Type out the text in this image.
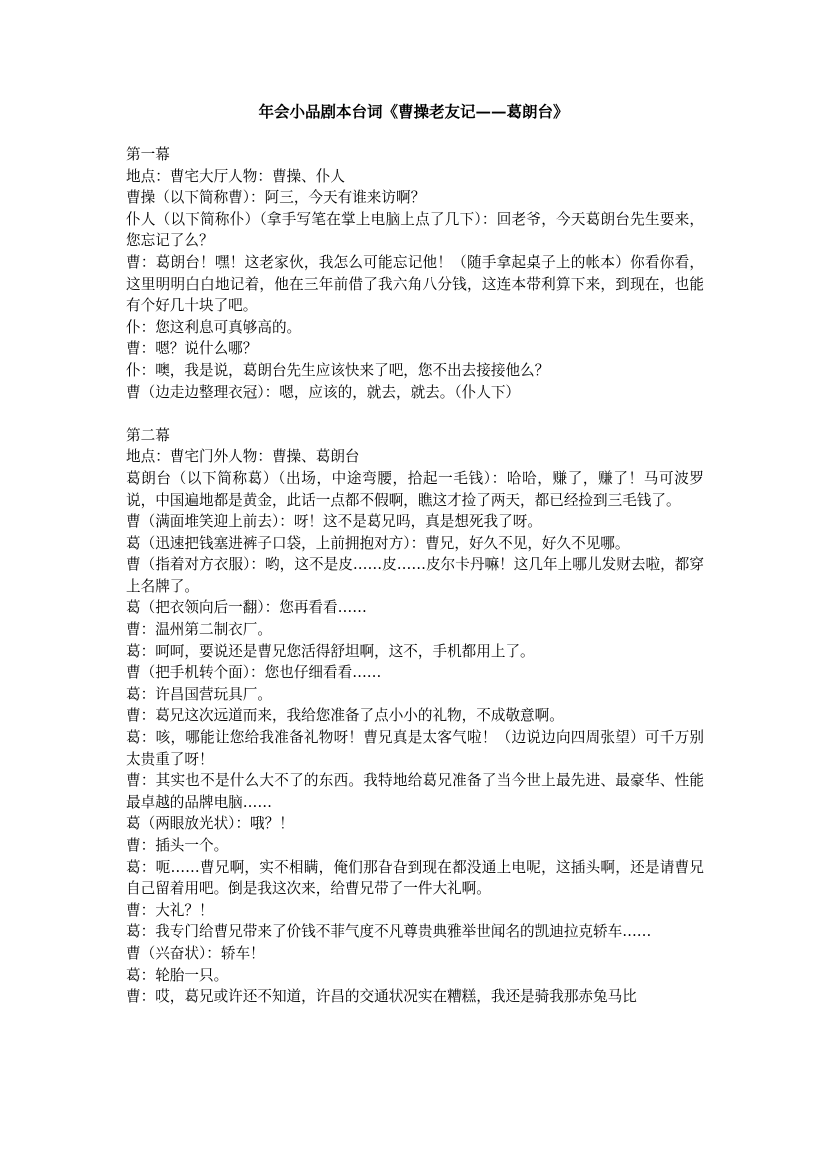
年会小品剧本台词《曹操老友记——葛朗台》

第一幕

地点：曹宅大厅人物：曹操、仆人

曹操（以下简称曹）：阿三，今天有谁来访啊？

仆人（以下简称仆）（拿手写笔在掌上电脑上点了几下）：回老爷，今天葛朗台先生要来，您忘记了么？

曹：葛朗台！嘿！这老家伙，我怎么可能忘记他！（随手拿起桌子上的帐本）你看你看，这里明明白白地记着，他在三年前借了我六角八分钱，这连本带利算下来，到现在，也能有个好几十块了吧。

仆：您这利息可真够高的。

曹：嗯？说什么哪？

仆：噢，我是说，葛朗台先生应该快来了吧，您不出去接接他么？

曹（边走边整理衣冠）：嗯，应该的，就去，就去。（仆人下）

第二幕

地点：曹宅门外人物：曹操、葛朗台

葛朗台（以下简称葛）（出场，中途弯腰，拾起一毛钱）：哈哈，赚了，赚了！马可波罗说，中国遍地都是黄金，此话一点都不假啊，瞧这才捡了两天，都已经捡到三毛钱了。

曹（满面堆笑迎上前去）：呀！这不是葛兄吗，真是想死我了呀。

葛（迅速把钱塞进裤子口袋，上前拥抱对方）：曹兄，好久不见，好久不见哪。

曹（指着对方衣服）：哟，这不是皮……皮……皮尔卡丹嘛！这几年上哪儿发财去啦，都穿上名牌了。

葛（把衣领向后一翻）：您再看看……

曹：温州第二制衣厂。

葛：呵呵，要说还是曹兄您活得舒坦啊，这不，手机都用上了。

曹（把手机转个面）：您也仔细看看……

葛：许昌国营玩具厂。

曹：葛兄这次远道而来，我给您准备了点小小的礼物，不成敬意啊。

葛：咳，哪能让您给我准备礼物呀！曹兄真是太客气啦！（边说边向四周张望）可千万别太贵重了呀！

曹：其实也不是什么大不了的东西。我特地给葛兄准备了当今世上最先进、最豪华、性能最卓越的品牌电脑……

葛（两眼放光状）：哦？！

曹：插头一个。

葛：呃……曹兄啊，实不相瞒，俺们那旮旮到现在都没通上电呢，这插头啊，还是请曹兄自己留着用吧。倒是我这次来，给曹兄带了一件大礼啊。

曹：大礼？！

葛：我专门给曹兄带来了价钱不菲气度不凡尊贵典雅举世闻名的凯迪拉克轿车……

曹（兴奋状）：轿车！

葛：轮胎一只。

曹：哎，葛兄或许还不知道，许昌的交通状况实在糟糕，我还是骑我那赤兔马比
